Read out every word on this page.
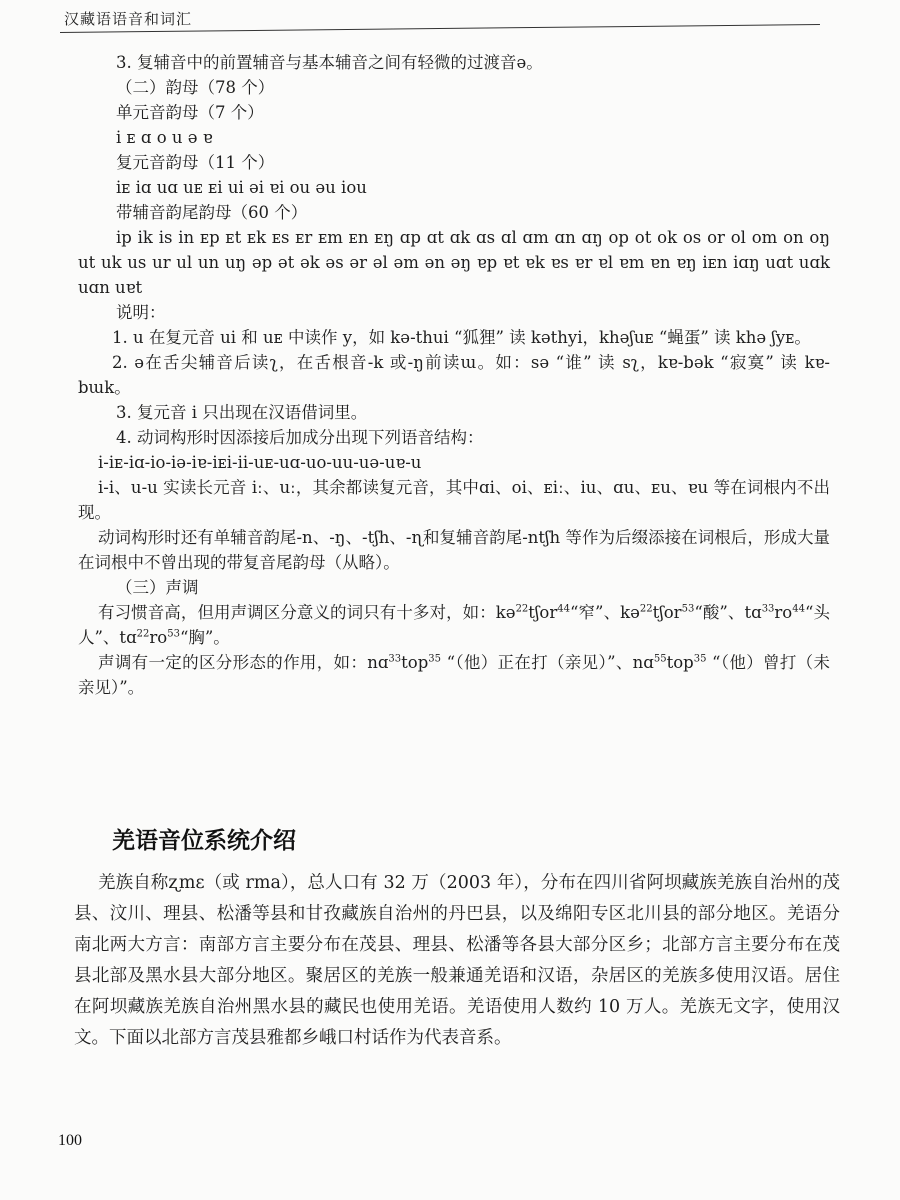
汉藏语语音和词汇
3. 复辅音中的前置辅音与基本辅音之间有轻微的过渡音ə。
（二）韵母（78 个）
单元音韵母（7 个）
i ᴇ ɑ o u ə ɐ
复元音韵母（11 个）
iᴇ iɑ uɑ uᴇ ᴇi ui əi ɐi ou əu iou
带辅音韵尾韵母（60 个）
ip ik is in ᴇp ᴇt ᴇk ᴇs ᴇr ᴇm ᴇn ᴇŋ ɑp ɑt ɑk ɑs ɑl ɑm ɑn ɑŋ op ot ok os or ol om on oŋ ut uk us ur ul un uŋ əp ət ək əs ər əl əm ən əŋ ɐp ɐt ɐk ɐs ɐr ɐl ɐm ɐn ɐŋ iᴇn iɑŋ uɑt uɑk uɑn uɐt
说明：
1. u 在复元音 ui 和 uᴇ 中读作 y，如 kə-thui “狐狸” 读 kəthyi，khəʃuᴇ “蝇蛋” 读 khə ʃyᴇ。
2. ə在舌尖辅音后读ʅ，在舌根音-k 或-ŋ前读ɯ。如：sə “谁” 读 sʅ，kɐ-bək “寂寞” 读 kɐ-bɯk。
3. 复元音 i 只出现在汉语借词里。
4. 动词构形时因添接后加成分出现下列语音结构：
i-iᴇ-iɑ-io-iə-iɐ-iᴇi-ii-uᴇ-uɑ-uo-uu-uə-uɐ-u
i-i、u-u 实读长元音 iː、uː，其余都读复元音，其中ɑi、oi、ᴇiː、iu、ɑu、ᴇu、ɐu 等在词根内不出现。
动词构形时还有单辅音韵尾-n、-ŋ、-tʃh、-ɳ和复辅音韵尾-ntʃh 等作为后缀添接在词根后，形成大量在词根中不曾出现的带复音尾韵母（从略）。
（三）声调
有习惯音高，但用声调区分意义的词只有十多对，如：kə$^{22}$tʃor$^{44}$“窄”、kə$^{22}$tʃor$^{53}$“酸”、$tɑ^{33}ro^{44}“$头人”、$tɑ^{22}ro^{53}“$胸”。
声调有一定的区分形态的作用，如：nɑ$^{33}$top$^{35}$ “（他）正在打（亲见）”、nɑ$^{55}$top$^{35}$ “（他）曾打（未亲见）”。
羌语音位系统介绍
羌族自称ʐmɛ（或 rma），总人口有 32 万（2003 年），分布在四川省阿坝藏族羌族自治州的茂县、汶川、理县、松潘等县和甘孜藏族自治州的丹巴县，以及绵阳专区北川县的部分地区。羌语分南北两大方言：南部方言主要分布在茂县、理县、松潘等各县大部分区乡；北部方言主要分布在茂县北部及黑水县大部分地区。聚居区的羌族一般兼通羌语和汉语，杂居区的羌族多使用汉语。居住在阿坝藏族羌族自治州黑水县的藏民也使用羌语。羌语使用人数约 10 万人。羌族无文字，使用汉文。下面以北部方言茂县雅都乡峨口村话作为代表音系。
100
